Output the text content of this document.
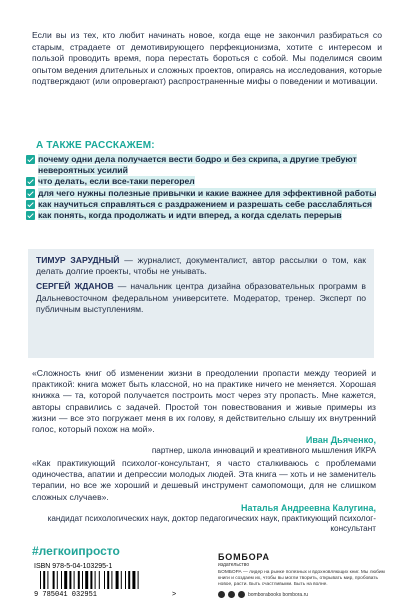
Если вы из тех, кто любит начинать новое, когда еще не закончил разбираться со старым, страдаете от демотивирующего перфекционизма, хотите с интересом и пользой проводить время, пора перестать бороться с собой. Мы поделимся своим опытом ведения длительных и сложных проектов, опираясь на исследования, которые подтверждают (или опровергают) распространенные мифы о поведении и мотивации.

А ТАКЖЕ РАССКАЖЕМ:
почему одни дела получается вести бодро и без скрипа, а другие требуют невероятных усилий
что делать, если все-таки перегорел
для чего нужны полезные привычки и какие важнее для эффективной работы
как научиться справляться с раздражением и разрешать себе расслабляться
как понять, когда продолжать и идти вперед, а когда сделать перерыв

ТИМУР ЗАРУДНЫЙ — журналист, документалист, автор рассылки о том, как делать долгие проекты, чтобы не унывать.

СЕРГЕЙ ЖДАНОВ — начальник центра дизайна образовательных программ в Дальневосточном федеральном университете. Модератор, тренер. Эксперт по публичным выступлениям.

«Сложность книг об изменении жизни в преодолении пропасти между теорией и практикой: книга может быть классной, но на практике ничего не меняется. Хорошая книжка — та, которой получается построить мост через эту пропасть. Мне кажется, авторы справились с задачей. Простой тон повествования и живые примеры из жизни — все это погружает меня в их голову, я действительно слышу их внутренний голос, который похож на мой».

Иван Дьяченко,

партнер, школа инноваций и креативного мышления ИКРА

«Как практикующий психолог-консультант, я часто сталкиваюсь с проблемами одиночества, апатии и депрессии молодых людей. Эта книга — хоть и не заменитель терапии, но все же хороший и дешевый инструмент самопомощи, для не слишком сложных случаев».

Наталья Андреевна Калугина,

кандидат психологических наук, доктор педагогических наук, практикующий психолог-консультант

#легкоипросто
ISBN 978-5-04-103295-1
9 785041 032951	>
БОМБОРА
издательство

БОМБОРА — лидер на рынке полезных и вдохновляющих книг. Мы любим книги и создаем их, чтобы вы могли творить, открывать мир, пробовать новое, расти. Быть счастливыми. Быть на волне.

bomborabooks bombora.ru
